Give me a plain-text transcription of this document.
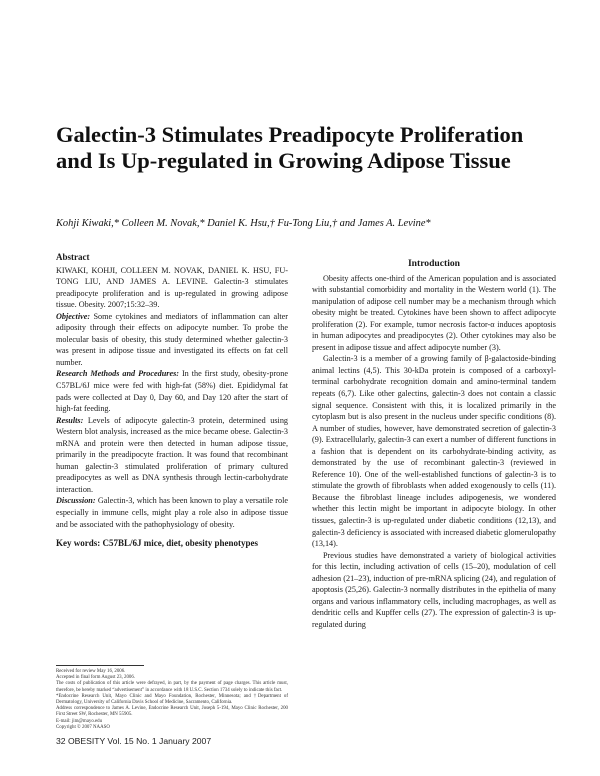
Galectin-3 Stimulates Preadipocyte Proliferation and Is Up-regulated in Growing Adipose Tissue
Kohji Kiwaki,* Colleen M. Novak,* Daniel K. Hsu,† Fu-Tong Liu,† and James A. Levine*
Abstract

KIWAKI, KOHJI, COLLEEN M. NOVAK, DANIEL K. HSU, FU-TONG LIU, AND JAMES A. LEVINE. Galectin-3 stimulates preadipocyte proliferation and is up-regulated in growing adipose tissue. Obesity. 2007;15:32–39.

Objective: Some cytokines and mediators of inflammation can alter adiposity through their effects on adipocyte number. To probe the molecular basis of obesity, this study determined whether galectin-3 was present in adipose tissue and investigated its effects on fat cell number.

Research Methods and Procedures: In the first study, obesity-prone C57BL/6J mice were fed with high-fat (58%) diet. Epididymal fat pads were collected at Day 0, Day 60, and Day 120 after the start of high-fat feeding.

Results: Levels of adipocyte galectin-3 protein, determined using Western blot analysis, increased as the mice became obese. Galectin-3 mRNA and protein were then detected in human adipose tissue, primarily in the preadipocyte fraction. It was found that recombinant human galectin-3 stimulated proliferation of primary cultured preadipocytes as well as DNA synthesis through lectin-carbohydrate interaction.

Discussion: Galectin-3, which has been known to play a versatile role especially in immune cells, might play a role also in adipose tissue and be associated with the pathophysiology of obesity.

Key words: C57BL/6J mice, diet, obesity phenotypes
Introduction

Obesity affects one-third of the American population and is associated with substantial comorbidity and mortality in the Western world (1). The manipulation of adipose cell number may be a mechanism through which obesity might be treated. Cytokines have been shown to affect adipocyte proliferation (2). For example, tumor necrosis factor-α induces apoptosis in human adipocytes and preadipocytes (2). Other cytokines may also be present in adipose tissue and affect adipocyte number (3).

Galectin-3 is a member of a growing family of β-galactoside-binding animal lectins (4,5). This 30-kDa protein is composed of a carboxyl-terminal carbohydrate recognition domain and amino-terminal tandem repeats (6,7). Like other galectins, galectin-3 does not contain a classic signal sequence. Consistent with this, it is localized primarily in the cytoplasm but is also present in the nucleus under specific conditions (8). A number of studies, however, have demonstrated secretion of galectin-3 (9). Extracellularly, galectin-3 can exert a number of different functions in a fashion that is dependent on its carbohydrate-binding activity, as demonstrated by the use of recombinant galectin-3 (reviewed in Reference 10). One of the well-established functions of galectin-3 is to stimulate the growth of fibroblasts when added exogenously to cells (11). Because the fibroblast lineage includes adipogenesis, we wondered whether this lectin might be important in adipocyte biology. In other tissues, galectin-3 is up-regulated under diabetic conditions (12,13), and galectin-3 deficiency is associated with increased diabetic glomerulopathy (13,14).

Previous studies have demonstrated a variety of biological activities for this lectin, including activation of cells (15–20), modulation of cell adhesion (21–23), induction of pre-mRNA splicing (24), and regulation of apoptosis (25,26). Galectin-3 normally distributes in the epithelia of many organs and various inflammatory cells, including macrophages, as well as dendritic cells and Kupffer cells (27). The expression of galectin-3 is up-regulated during

Received for review May 16, 2006.
Accepted in final form August 23, 2006.
The costs of publication of this article were defrayed, in part, by the payment of page charges. This article must, therefore, be hereby marked “advertisement” in accordance with 18 U.S.C. Section 1734 solely to indicate this fact.
*Endocrine Research Unit, Mayo Clinic and Mayo Foundation, Rochester, Minnesota; and †Department of Dermatology, University of California Davis School of Medicine, Sacramento, California.
Address correspondence to James A. Levine, Endocrine Research Unit, Joseph 5-194, Mayo Clinic Rochester, 200 First Street SW, Rochester, MN 55905.
E-mail: jim@mayo.edu
Copyright © 2007 NAASO
32 OBESITY Vol. 15 No. 1 January 2007
